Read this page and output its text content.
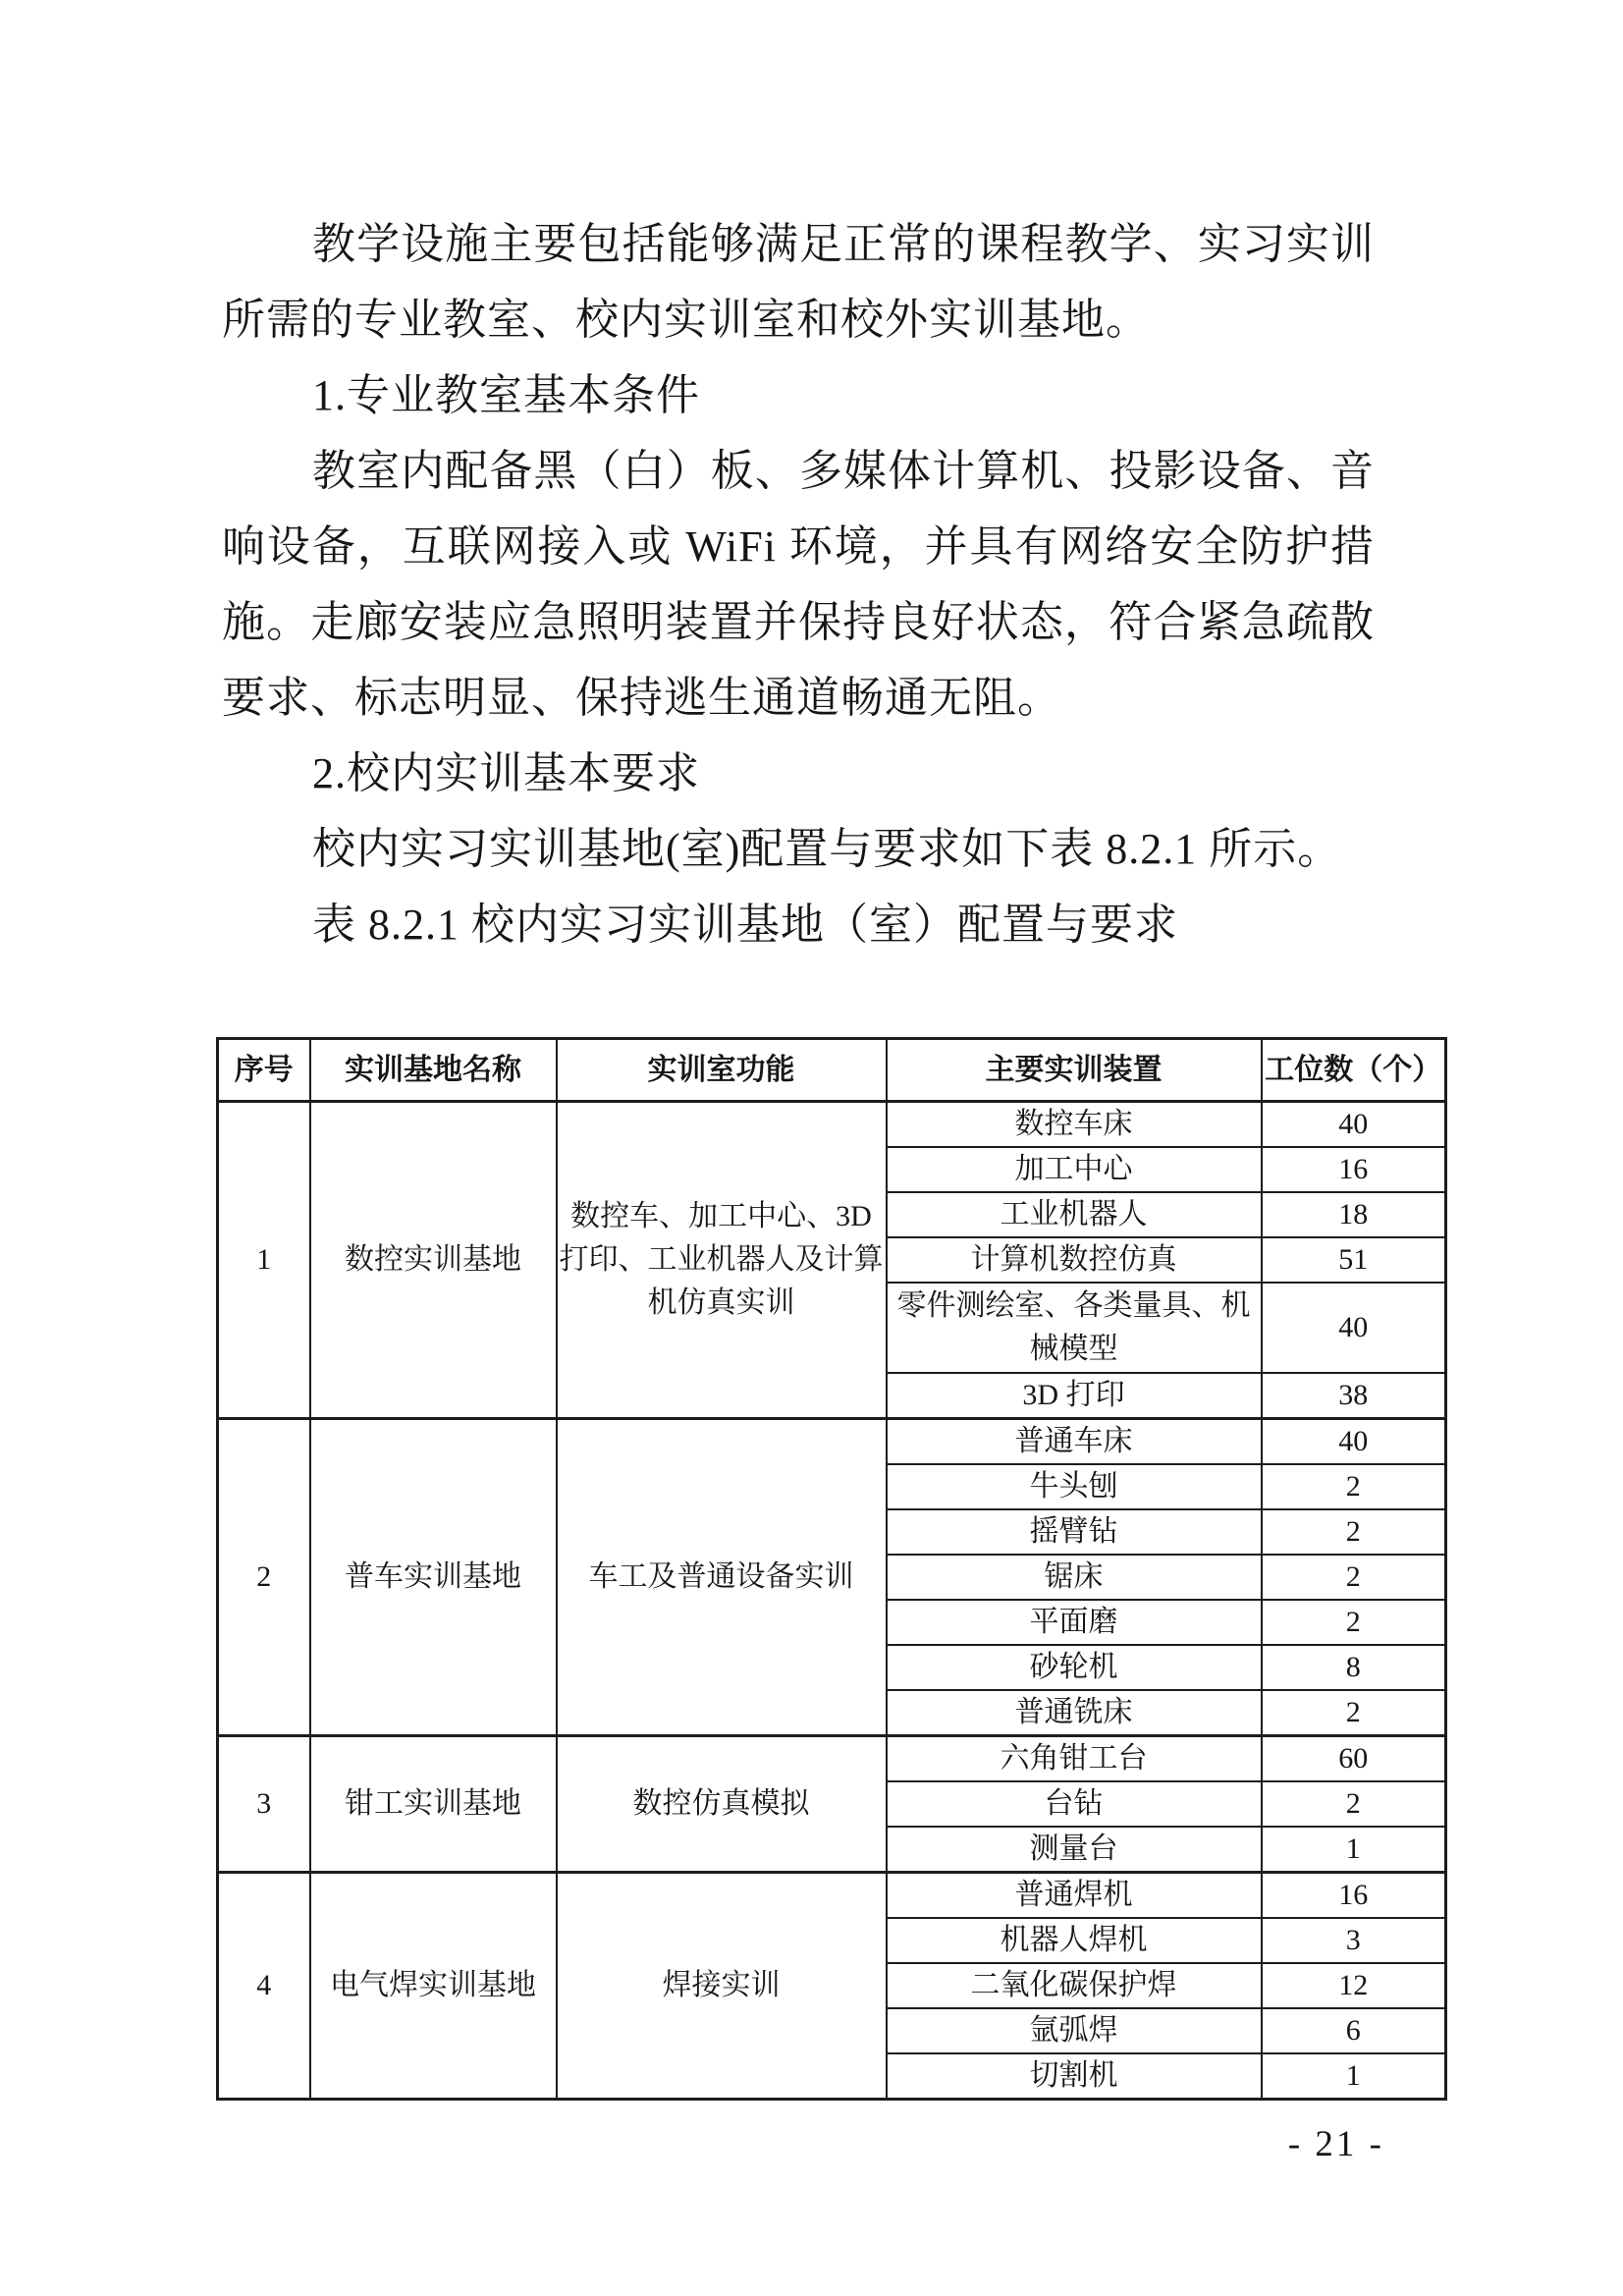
教学设施主要包括能够满足正常的课程教学、实习实训所需的专业教室、校内实训室和校外实训基地。

1.专业教室基本条件

教室内配备黑（白）板、多媒体计算机、投影设备、音响设备，互联网接入或 WiFi 环境，并具有网络安全防护措施。走廊安装应急照明装置并保持良好状态，符合紧急疏散要求、标志明显、保持逃生通道畅通无阻。

2.校内实训基本要求

校内实习实训基地(室)配置与要求如下表 8.2.1 所示。

表 8.2.1 校内实习实训基地（室）配置与要求

序号	实训基地名称	实训室功能	主要实训装置	工位数（个）
1	数控实训基地	数控车、加工中心、3D打印、工业机器人及计算机仿真实训	数控车床	40
			加工中心	16
			工业机器人	18
			计算机数控仿真	51
			零件测绘室、各类量具、机械模型	40
			3D 打印	38
2	普车实训基地	车工及普通设备实训	普通车床	40
			牛头刨	2
			摇臂钻	2
			锯床	2
			平面磨	2
			砂轮机	8
			普通铣床	2
3	钳工实训基地	数控仿真模拟	六角钳工台	60
			台钻	2
			测量台	1
4	电气焊实训基地	焊接实训	普通焊机	16
			机器人焊机	3
			二氧化碳保护焊	12
			氩弧焊	6
			切割机	1
- 21 -
